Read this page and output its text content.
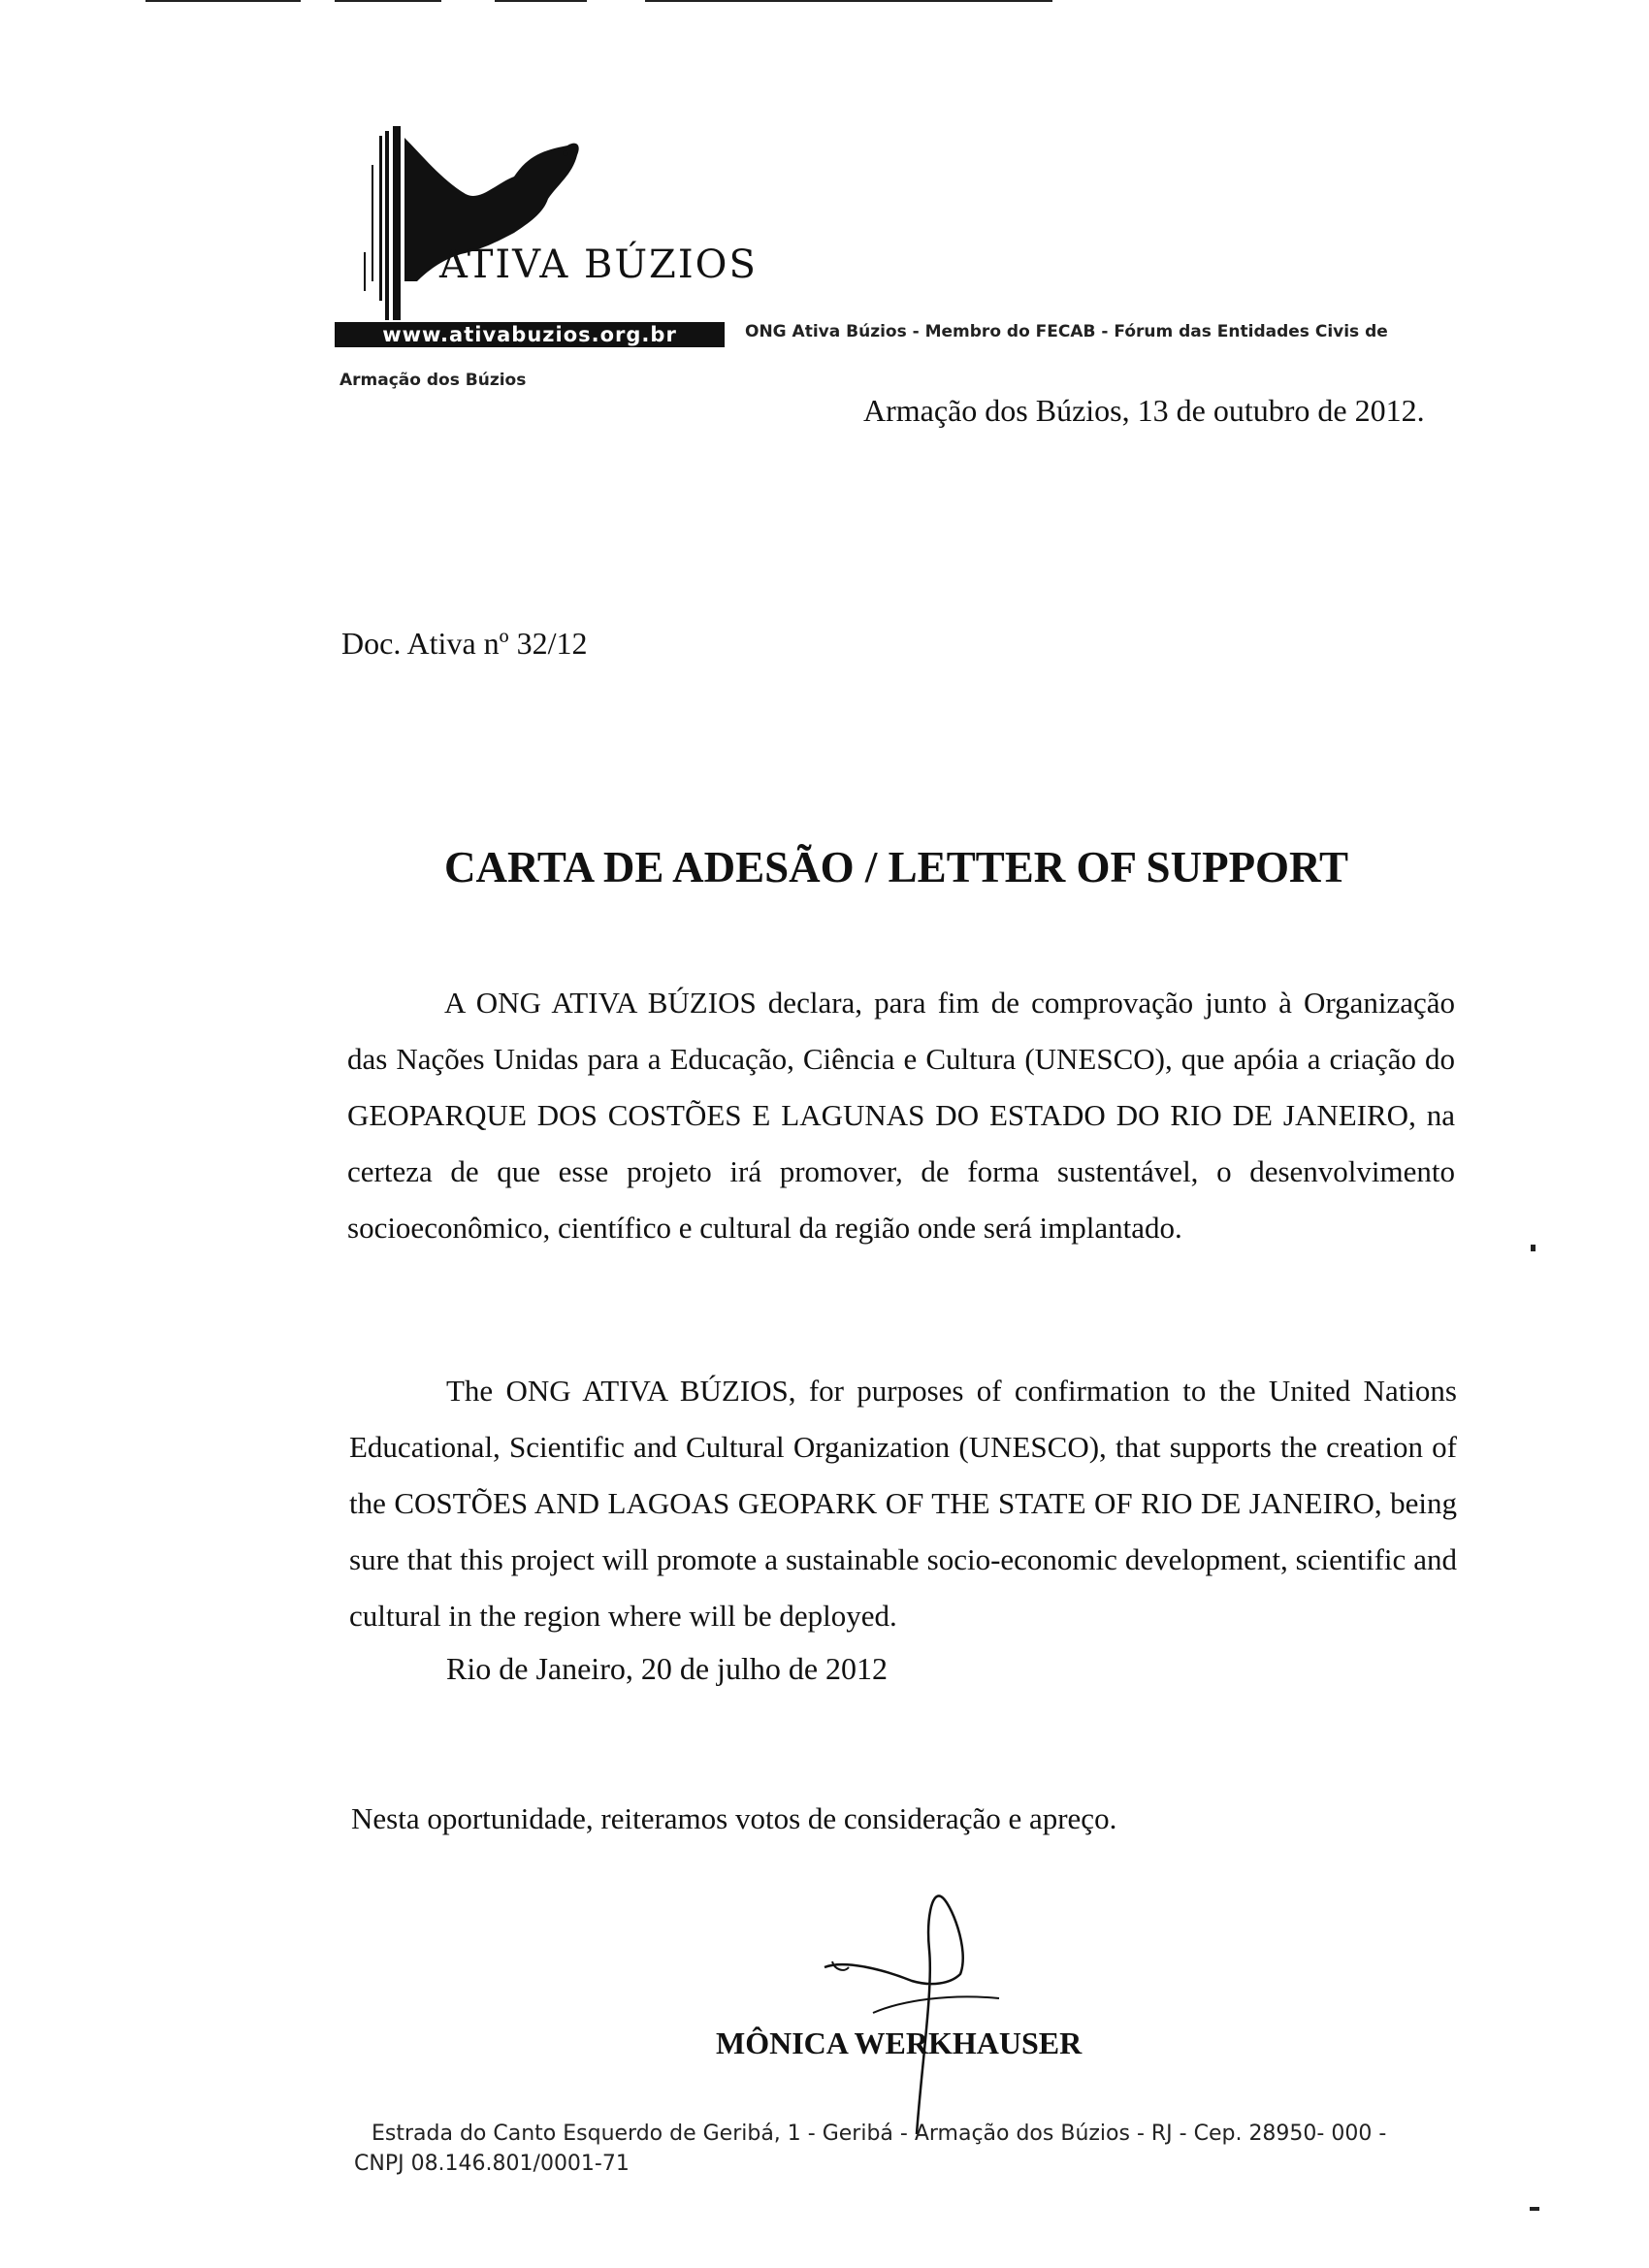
ATIVA BÚZIOS
www.ativabuzios.org.br	ONG Ativa Búzios - Membro do FECAB - Fórum das Entidades Civis de
Armação dos Búzios
Armação dos Búzios, 13 de outubro de 2012.
Doc. Ativa nº 32/12
CARTA DE ADESÃO / LETTER OF SUPPORT
A ONG ATIVA BÚZIOS declara, para fim de comprovação junto à Organização das Nações Unidas para a Educação, Ciência e Cultura (UNESCO), que apóia a criação do GEOPARQUE DOS COSTÕES E LAGUNAS DO ESTADO DO RIO DE JANEIRO, na certeza de que esse projeto irá promover, de forma sustentável, o desenvolvimento socioeconômico, científico e cultural da região onde será implantado.
The ONG ATIVA BÚZIOS, for purposes of confirmation to the United Nations Educational, Scientific and Cultural Organization (UNESCO), that supports the creation of the COSTÕES AND LAGOAS GEOPARK OF THE STATE OF RIO DE JANEIRO, being sure that this project will promote a sustainable socio-economic development, scientific and cultural in the region where will be deployed.
Rio de Janeiro, 20 de julho de 2012
Nesta oportunidade, reiteramos votos de consideração e apreço.
MÔNICA WERKHAUSER
Estrada do Canto Esquerdo de Geribá, 1 - Geribá - Armação dos Búzios - RJ - Cep. 28950- 000 -
CNPJ 08.146.801/0001-71
